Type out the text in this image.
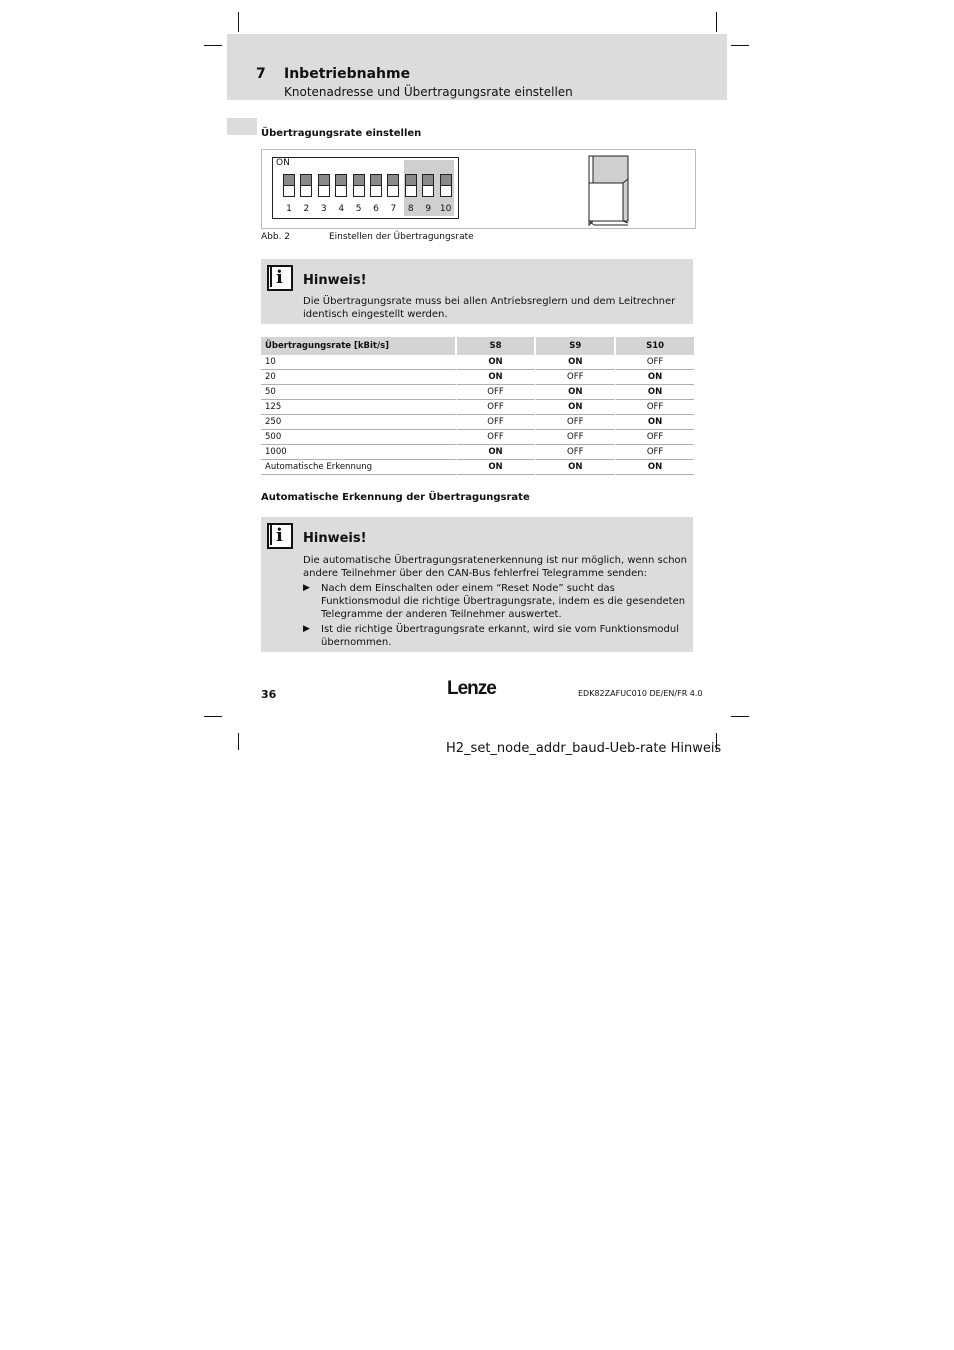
7 Inbetriebnahme
Knotenadresse und Übertragungsrate einstellen
Übertragungsrate einstellen
ON
1	2	3	4	5	6	7	8	9 10
Abb. 2	Einstellen der Übertragungsrate
i Hinweis!
Die Übertragungsrate muss bei allen Antriebsreglern und dem Leitrechner identisch eingestellt werden.
Übertragungsrate [kBit/s]	S8	S9	S10
10	ON	ON	OFF
20	ON	OFF	ON
50	OFF	ON	ON
125	OFF	ON	OFF
250	OFF	OFF	ON
500	OFF	OFF	OFF
1000	ON	OFF	OFF
Automatische Erkennung	ON	ON	ON
Automatische Erkennung der Übertragungsrate
i Hinweis!
Die automatische Übertragungsratenerkennung ist nur möglich, wenn schon andere Teilnehmer über den CAN-Bus fehlerfrei Telegramme senden:
▶ Nach dem Einschalten oder einem “Reset Node” sucht das Funktionsmodul die richtige Übertragungsrate, indem es die gesendeten Telegramme der anderen Teilnehmer auswertet.
▶ Ist die richtige Übertragungsrate erkannt, wird sie vom Funktionsmodul übernommen.
36	Lenze	EDK82ZAFUC010 DE/EN/FR 4.0
H2_set_node_addr_baud-Ueb-rate Hinweis
